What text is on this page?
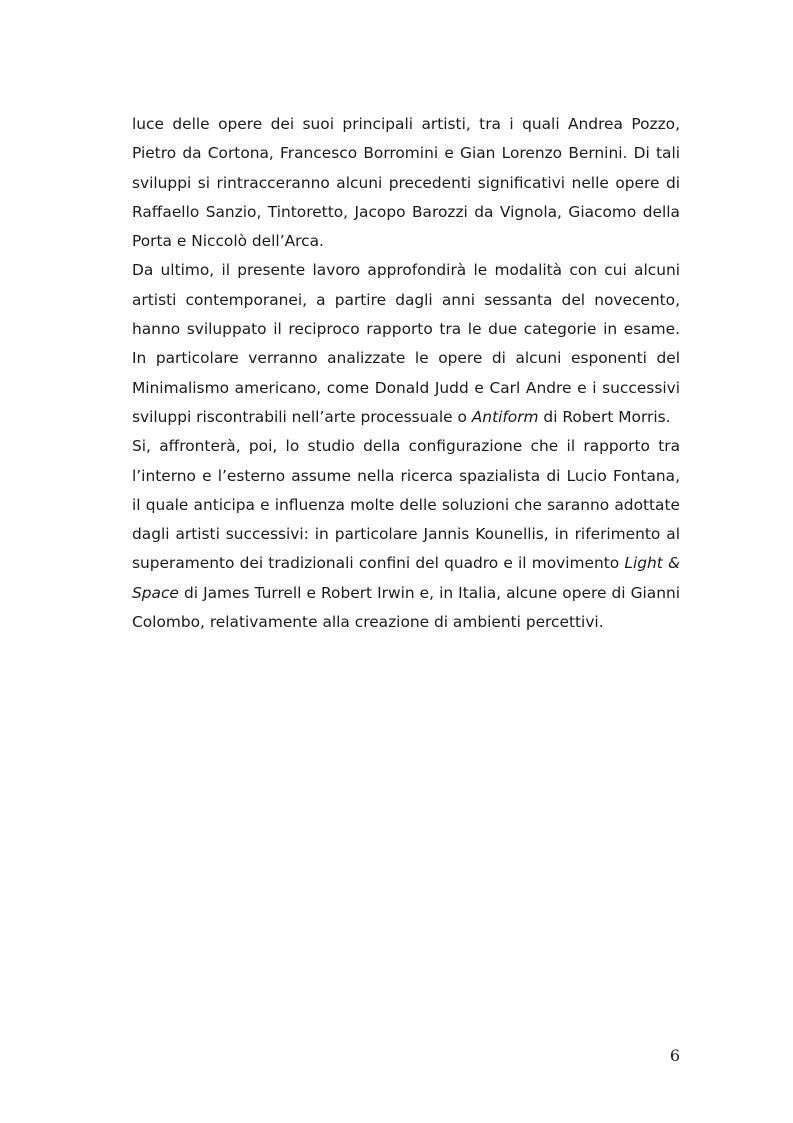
luce delle opere dei suoi principali artisti, tra i quali Andrea Pozzo, Pietro da Cortona, Francesco Borromini e Gian Lorenzo Bernini. Di tali sviluppi si rintracceranno alcuni precedenti significativi nelle opere di Raffaello Sanzio, Tintoretto, Jacopo Barozzi da Vignola, Giacomo della Porta e Niccolò dell’Arca.

Da ultimo, il presente lavoro approfondirà le modalità con cui alcuni artisti contemporanei, a partire dagli anni sessanta del novecento, hanno sviluppato il reciproco rapporto tra le due categorie in esame. In particolare verranno analizzate le opere di alcuni esponenti del Minimalismo americano, come Donald Judd e Carl Andre e i successivi sviluppi riscontrabili nell’arte processuale o Antiform di Robert Morris.

Si, affronterà, poi, lo studio della configurazione che il rapporto tra l’interno e l’esterno assume nella ricerca spazialista di Lucio Fontana, il quale anticipa e influenza molte delle soluzioni che saranno adottate dagli artisti successivi: in particolare Jannis Kounellis, in riferimento al superamento dei tradizionali confini del quadro e il movimento Light & Space di James Turrell e Robert Irwin e, in Italia, alcune opere di Gianni Colombo, relativamente alla creazione di ambienti percettivi.

6
